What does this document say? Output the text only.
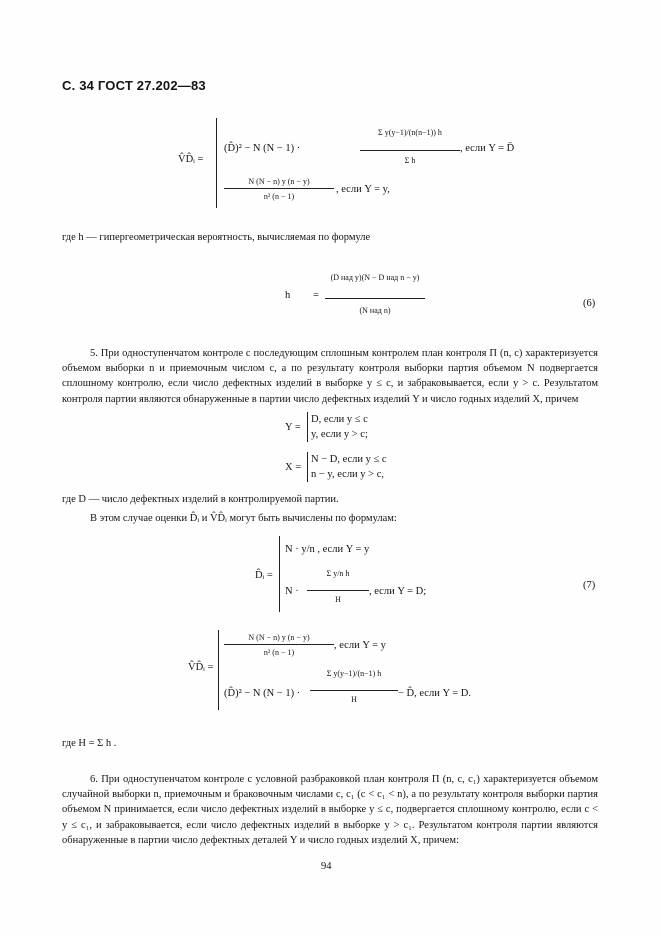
С. 34 ГОСТ 27.202—83
V̂D̂ᵢ =
(D̂)² − N (N − 1) ·	$\frac{\text{Σ y(y−1)/(n(n−1)) h}}{\text{Σ h}}$ , если Y = D̄
$\frac{N (N - n) y (n - y)}{\text{n² (n − 1)}}$ , если Y = y,
где h — гипергеометрическая вероятность, вычисляемая по формуле
h =
(D над y)(N − D над n − y)
(N над n)
(6)

5. При одноступенчатом контроле с последующим сплошным контролем план контроля П (n, c) характеризуется объемом выборки n и приемочным числом c, а по результату контроля выборки партия объемом N подвергается сплошному контролю, если число дефектных изделий в выборке y ≤ c, и забраковывается, если y > c. Результатом контроля партии являются обнаруженные в партии число дефектных изделий Y и число годных изделий X, причем

Y =
D, если y ≤ c
y, если y > c;
X =
N − D, если y ≤ c
n − y, если y > c,
где D — число дефектных изделий в контролируемой партии.
В этом случае оценки D̂ᵢ и V̂D̂ᵢ могут быть вычислены по формулам:
D̂ᵢ =
N · y/n , если Y = y
$N \cdot \frac{\text{Σ y/n h}}{H}$ , если Y = D;
(7)
V̂D̂ᵢ =
$\frac{N (N - n) y (n - y)}{\text{n² (n − 1)}}$ , если Y = y
(D̂)² − N $(N - 1) \cdot \frac{\text{Σ y(y−1)/(n−1) h}}{H}$ − D̂, если Y = D.
где H = Σ h .

6. При одноступенчатом контроле с условной разбраковкой план контроля П (n, c, c₁) характеризуется объемом случайной выборки n, приемочным и браковочным числами c, c₁ (c < c₁ < n), а по результату контроля выборки партия объемом N принимается, если число дефектных изделий в выборке y ≤ c, подвергается сплошному контролю, если c < y ≤ c₁, и забраковывается, если число дефектных изделий в выборке y > c₁. Результатом контроля партии являются обнаруженные в партии число дефектных деталей Y и число годных изделий X, причем:

94
